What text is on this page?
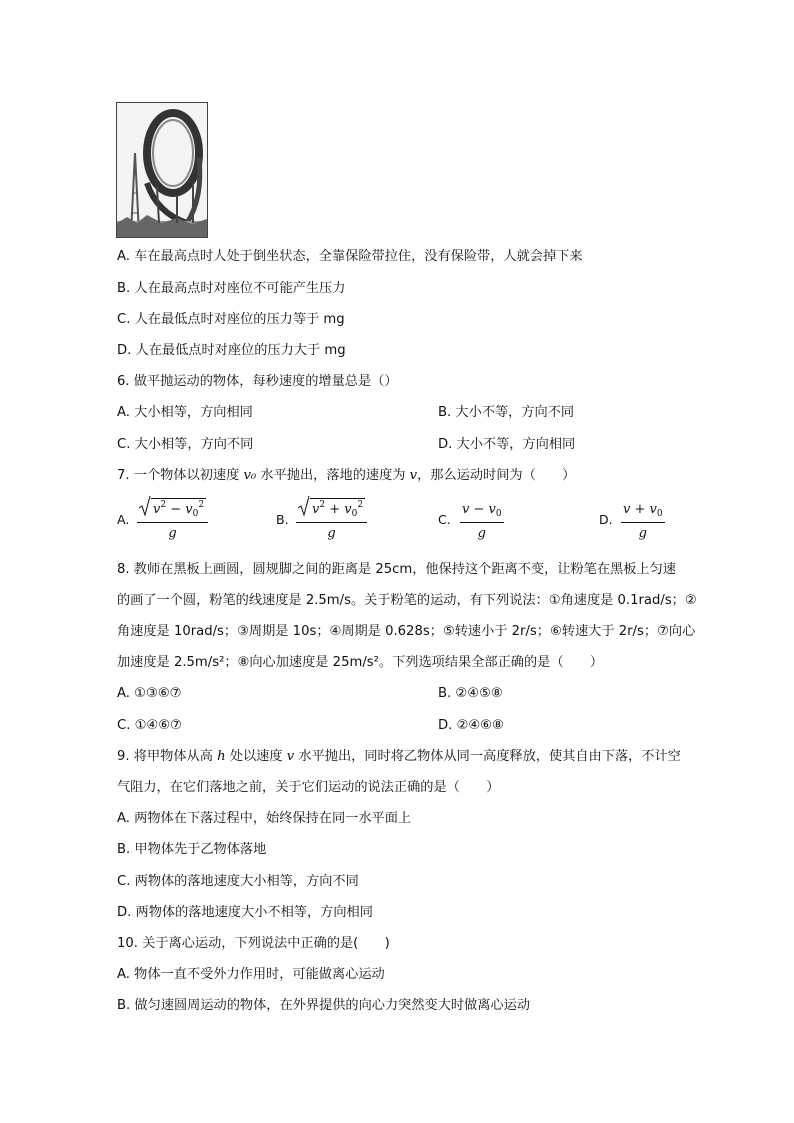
A. 车在最高点时人处于倒坐状态，全靠保险带拉住，没有保险带，人就会掉下来
B. 人在最高点时对座位不可能产生压力
C. 人在最低点时对座位的压力等于 mg
D. 人在最低点时对座位的压力大于 mg
6. 做平抛运动的物体，每秒速度的增量总是（）
A. 大小相等，方向相同	B. 大小不等，方向不同
C. 大小相等，方向不同	D. 大小不等，方向相同
7. 一个物体以初速度 v₀ 水平抛出，落地的速度为 v，那么运动时间为（　　）
A.
$v^2 - v_0^2$
g
B.
$v^2 + v_0^2$
g
C.
$v - v_0$
g
D.
$v + v_0$
g
8. 教师在黑板上画圆，圆规脚之间的距离是 25cm，他保持这个距离不变，让粉笔在黑板上匀速
的画了一个圆，粉笔的线速度是 2.5m/s。关于粉笔的运动，有下列说法：①角速度是 0.1rad/s；②
角速度是 10rad/s；③周期是 10s；④周期是 0.628s；⑤转速小于 2r/s；⑥转速大于 2r/s；⑦向心
加速度是 2.5m/s²；⑧向心加速度是 25m/s²。下列选项结果全部正确的是（　　）
A. ①③⑥⑦	B. ②④⑤⑧
C. ①④⑥⑦	D. ②④⑥⑧
9. 将甲物体从高 h 处以速度 v 水平抛出，同时将乙物体从同一高度释放，使其自由下落，不计空
气阻力，在它们落地之前，关于它们运动的说法正确的是（　　）
A. 两物体在下落过程中，始终保持在同一水平面上
B. 甲物体先于乙物体落地
C. 两物体的落地速度大小相等，方向不同
D. 两物体的落地速度大小不相等，方向相同
10. 关于离心运动，下列说法中正确的是(　　)
A. 物体一直不受外力作用时，可能做离心运动
B. 做匀速圆周运动的物体，在外界提供的向心力突然变大时做离心运动
